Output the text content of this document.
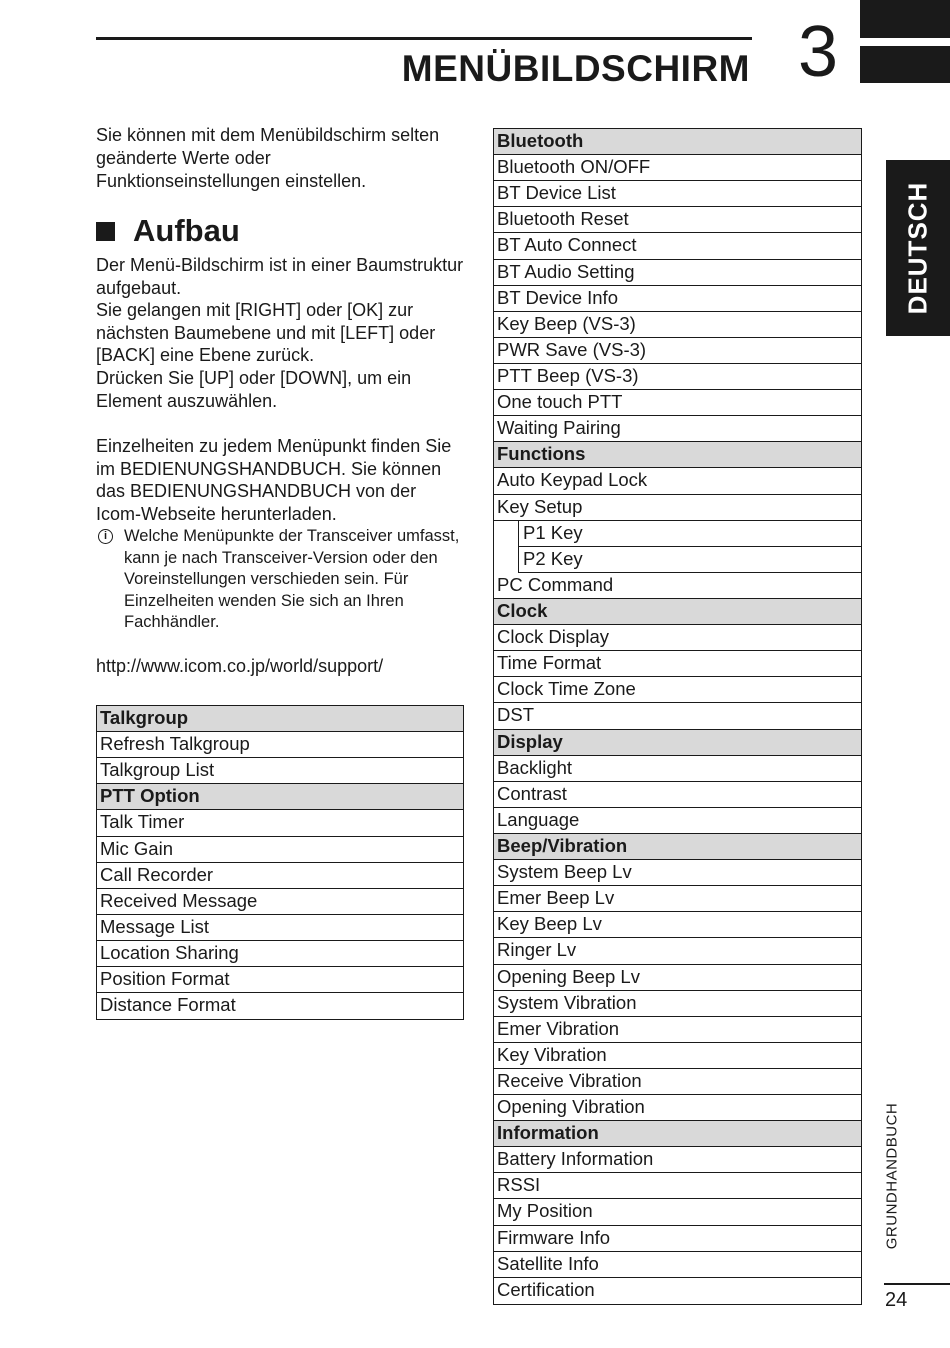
MENÜBILDSCHIRM 3
DEUTSCH
Sie können mit dem Menübildschirm selten geänderte Werte oder Funktionseinstellungen einstellen.
Aufbau
Der Menü-Bildschirm ist in einer Baumstruktur aufgebaut.
Sie gelangen mit [RIGHT] oder [OK] zur nächsten Baumebene und mit [LEFT] oder [BACK] eine Ebene zurück.
Drücken Sie [UP] oder [DOWN], um ein Element auszuwählen.
Einzelheiten zu jedem Menüpunkt finden Sie im BEDIENUNGSHANDBUCH. Sie können das BEDIENUNGSHANDBUCH von der Icom-Webseite herunterladen.
i	Welche Menüpunkte der Transceiver umfasst, kann je nach Transceiver-Version oder den Voreinstellungen verschieden sein. Für Einzelheiten wenden Sie sich an Ihren Fachhändler.
http://www.icom.co.jp/world/support/
Talkgroup
Refresh Talkgroup
Talkgroup List
PTT Option
Talk Timer
Mic Gain
Call Recorder
Received Message
Message List
Location Sharing
Position Format
Distance Format
Bluetooth
Bluetooth ON/OFF
BT Device List
Bluetooth Reset
BT Auto Connect
BT Audio Setting
BT Device Info
Key Beep (VS-3)
PWR Save (VS-3)
PTT Beep (VS-3)
One touch PTT
Waiting Pairing
Functions
Auto Keypad Lock
Key Setup
P1 Key
P2 Key
PC Command
Clock
Clock Display
Time Format
Clock Time Zone
DST
Display
Backlight
Contrast
Language
Beep/Vibration
System Beep Lv
Emer Beep Lv
Key Beep Lv
Ringer Lv
Opening Beep Lv
System Vibration
Emer Vibration
Key Vibration
Receive Vibration
Opening Vibration
Information
Battery Information
RSSI
My Position
Firmware Info
Satellite Info
Certification
GRUNDHANDBUCH
24
